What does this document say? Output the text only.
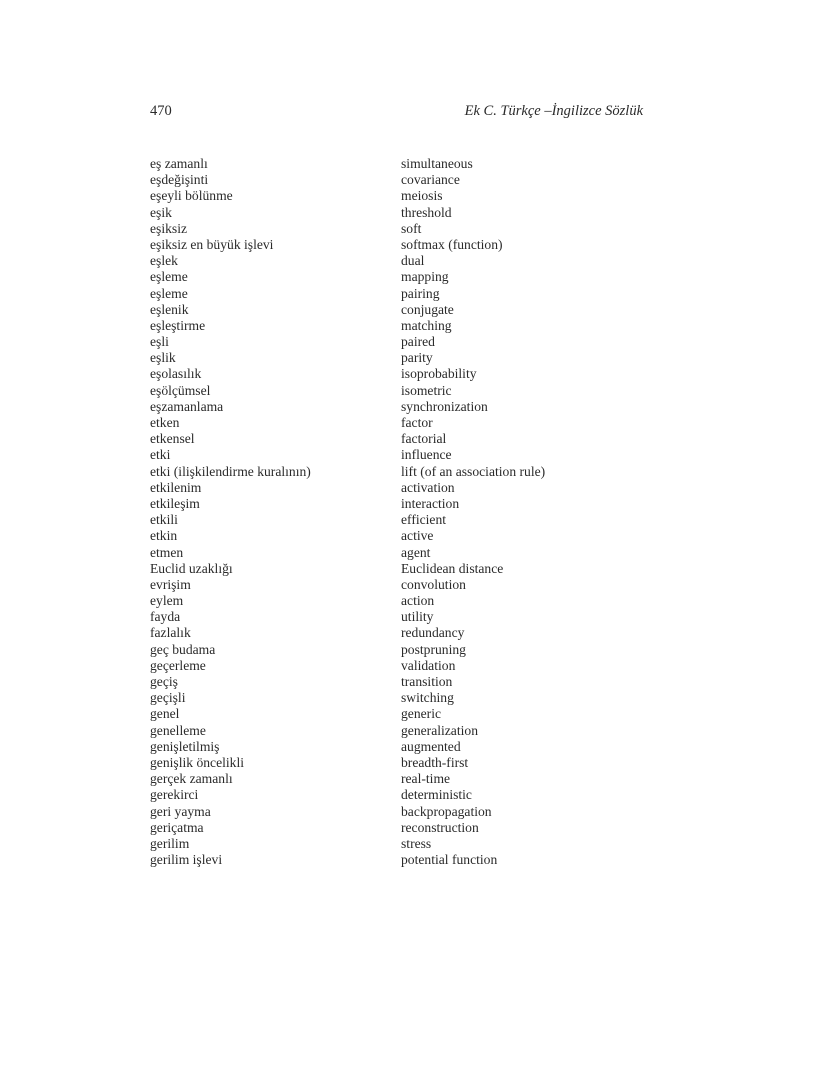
470	Ek C. Türkçe –İngilizce Sözlük
eş zamanlı	simultaneous
eşdeğişinti	covariance
eşeyli bölünme	meiosis
eşik	threshold
eşiksiz	soft
eşiksiz en büyük işlevi	softmax (function)
eşlek	dual
eşleme	mapping
eşleme	pairing
eşlenik	conjugate
eşleştirme	matching
eşli	paired
eşlik	parity
eşolasılık	isoprobability
eşölçümsel	isometric
eşzamanlama	synchronization
etken	factor
etkensel	factorial
etki	influence
etki (ilişkilendirme kuralının)	lift (of an association rule)
etkilenim	activation
etkileşim	interaction
etkili	efficient
etkin	active
etmen	agent
Euclid uzaklığı	Euclidean distance
evrişim	convolution
eylem	action
fayda	utility
fazlalık	redundancy
geç budama	postpruning
geçerleme	validation
geçiş	transition
geçişli	switching
genel	generic
genelleme	generalization
genişletilmiş	augmented
genişlik öncelikli	breadth-first
gerçek zamanlı	real-time
gerekirci	deterministic
geri yayma	backpropagation
geriçatma	reconstruction
gerilim	stress
gerilim işlevi	potential function
